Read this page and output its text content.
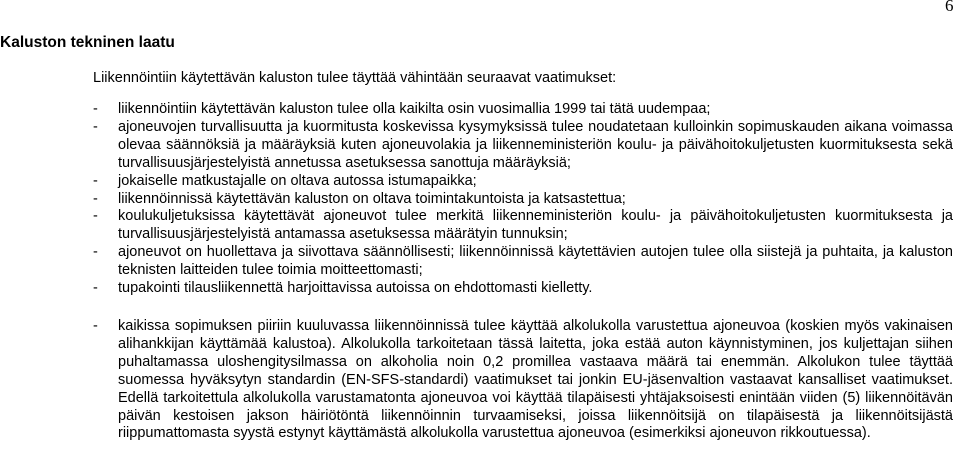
6
Kaluston tekninen laatu
Liikennöintiin käytettävän kaluston tulee täyttää vähintään seuraavat vaatimukset:
- liikennöintiin käytettävän kaluston tulee olla kaikilta osin vuosimallia 1999 tai tätä uudempaa;
- ajoneuvojen turvallisuutta ja kuormitusta koskevissa kysymyksissä tulee noudatetaan kulloinkin sopimuskauden aikana voimassa olevaa säännöksiä ja määräyksiä kuten ajoneuvolakia ja liikenneministeriön koulu- ja päivähoitokuljetusten kuormituksesta sekä turvallisuusjärjestelyistä annetussa asetuksessa sanottuja määräyksiä;
- jokaiselle matkustajalle on oltava autossa istumapaikka;
- liikennöinnissä käytettävän kaluston on oltava toimintakuntoista ja katsastettua;
- koulukuljetuksissa käytettävät ajoneuvot tulee merkitä liikenneministeriön koulu- ja päivähoitokuljetusten kuormituksesta ja turvallisuusjärjestelyistä antamassa asetuksessa määrätyin tunnuksin;
- ajoneuvot on huollettava ja siivottava säännöllisesti; liikennöinnissä käytettävien autojen tulee olla siistejä ja puhtaita, ja kaluston teknisten laitteiden tulee toimia moitteettomasti;
- tupakointi tilausliikennettä harjoittavissa autoissa on ehdottomasti kielletty.
- kaikissa sopimuksen piiriin kuuluvassa liikennöinnissä tulee käyttää alkolukolla varustettua ajoneuvoa (koskien myös vakinaisen alihankkijan käyttämää kalustoa). Alkolukolla tarkoitetaan tässä laitetta, joka estää auton käynnistyminen, jos kuljettajan siihen puhaltamassa uloshengitysilmassa on alkoholia noin 0,2 promillea vastaava määrä tai enemmän. Alkolukon tulee täyttää suomessa hyväksytyn standardin (EN-SFS-standardi) vaatimukset tai jonkin EU-jäsenvaltion vastaavat kansalliset vaatimukset. Edellä tarkoitettula alkolukolla varustamatonta ajoneuvoa voi käyttää tilapäisesti yhtäjaksoisesti enintään viiden (5) liikennöitävän päivän kestoisen jakson häiriötöntä liikennöinnin turvaamiseksi, joissa liikennöitsijä on tilapäisestä ja liikennöitsijästä riippumattomasta syystä estynyt käyttämästä alkolukolla varustettua ajoneuvoa (esimerkiksi ajoneuvon rikkoutuessa).
